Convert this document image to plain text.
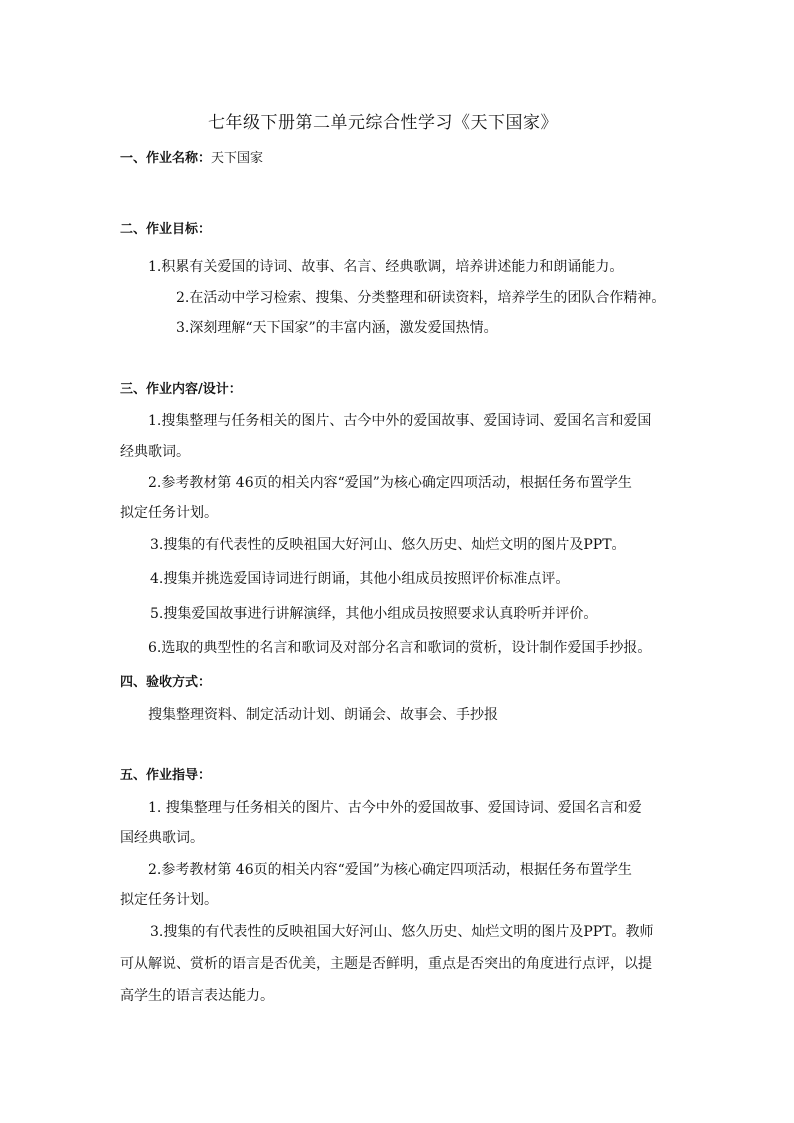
七年级下册第二单元综合性学习《天下国家》
一、作业名称：天下国家
二、作业目标：
1.积累有关爱国的诗词、故事、名言、经典歌调，培养讲述能力和朗诵能力。
2.在活动中学习检索、搜集、分类整理和研读资料，培养学生的团队合作精神。
3.深刻理解“天下国家”的丰富内涵，激发爱国热情。
三、作业内容/设计：
1.搜集整理与任务相关的图片、古今中外的爱国故事、爱国诗词、爱国名言和爱国
经典歌词。
2.参考教材第 46页的相关内容“爱国”为核心确定四项活动，根据任务布置学生
拟定任务计划。
3.搜集的有代表性的反映祖国大好河山、悠久历史、灿烂文明的图片及PPT。
4.搜集并挑选爱国诗词进行朗诵，其他小组成员按照评价标准点评。
5.搜集爱国故事进行讲解演绎，其他小组成员按照要求认真聆听并评价。
6.选取的典型性的名言和歌词及对部分名言和歌词的赏析，设计制作爱国手抄报。
四、验收方式：
搜集整理资料、制定活动计划、朗诵会、故事会、手抄报
五、作业指导：
1. 搜集整理与任务相关的图片、古今中外的爱国故事、爱国诗词、爱国名言和爱
国经典歌词。
2.参考教材第 46页的相关内容“爱国”为核心确定四项活动，根据任务布置学生
拟定任务计划。
3.搜集的有代表性的反映祖国大好河山、悠久历史、灿烂文明的图片及PPT。教师
可从解说、赏析的语言是否优美，主题是否鲜明，重点是否突出的角度进行点评，以提
高学生的语言表达能力。
